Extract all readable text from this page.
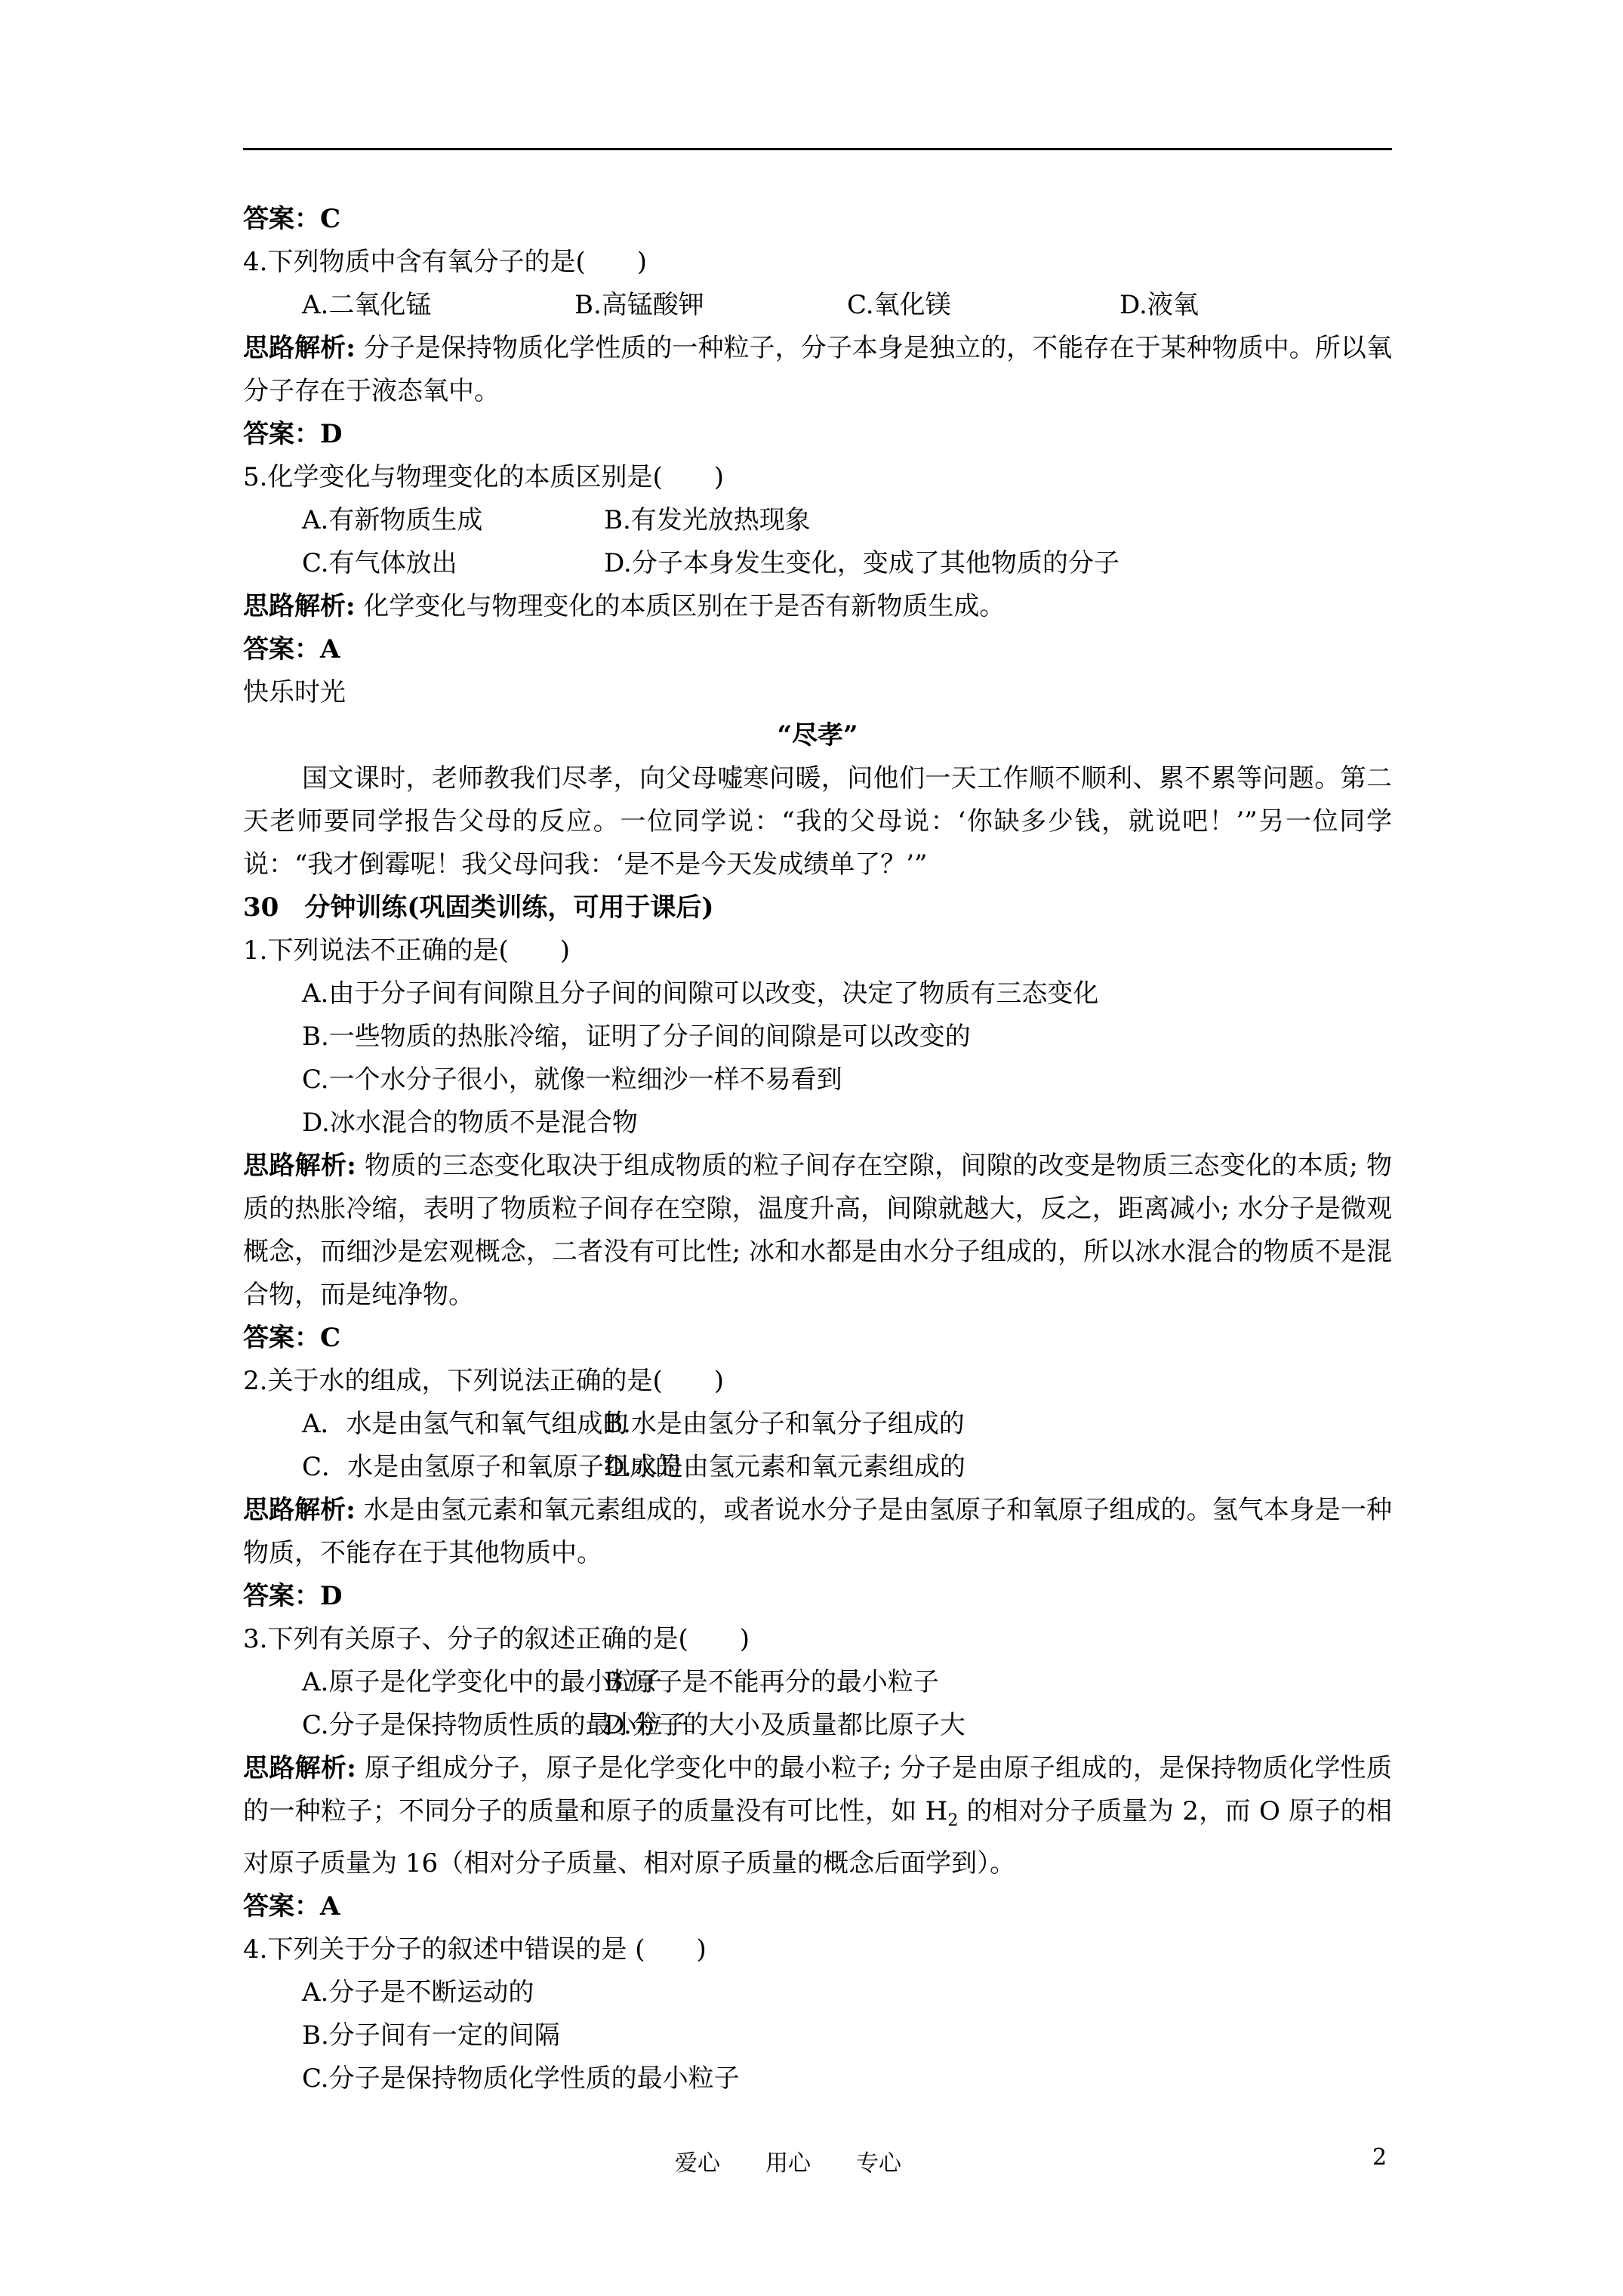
答案：C
4.下列物质中含有氧分子的是(　　)
A.二氧化锰	B.高锰酸钾	C.氧化镁	D.液氧
思路解析: 分子是保持物质化学性质的一种粒子，分子本身是独立的，不能存在于某种物质中。所以氧分子存在于液态氧中。
答案：D
5.化学变化与物理变化的本质区别是(　　)
A.有新物质生成	B.有发光放热现象
C.有气体放出	D.分子本身发生变化，变成了其他物质的分子
思路解析: 化学变化与物理变化的本质区别在于是否有新物质生成。
答案：A
快乐时光
“尽孝”
国文课时，老师教我们尽孝，向父母嘘寒问暖，问他们一天工作顺不顺利、累不累等问题。第二天老师要同学报告父母的反应。一位同学说：“我的父母说：‘你缺多少钱，就说吧！’”另一位同学说：“我才倒霉呢！我父母问我：‘是不是今天发成绩单了？’”
30　分钟训练(巩固类训练，可用于课后)
1.下列说法不正确的是(　　)
A.由于分子间有间隙且分子间的间隙可以改变，决定了物质有三态变化
B.一些物质的热胀冷缩，证明了分子间的间隙是可以改变的
C.一个水分子很小，就像一粒细沙一样不易看到
D.冰水混合的物质不是混合物
思路解析: 物质的三态变化取决于组成物质的粒子间存在空隙，间隙的改变是物质三态变化的本质; 物质的热胀冷缩，表明了物质粒子间存在空隙，温度升高，间隙就越大，反之，距离减小; 水分子是微观概念，而细沙是宏观概念，二者没有可比性; 冰和水都是由水分子组成的，所以冰水混合的物质不是混合物，而是纯净物。
答案：C
2.关于水的组成，下列说法正确的是(　　)
A．水是由氢气和氧气组成的
B.水是由氢分子和氧分子组成的
C．水是由氢原子和氧原子组成的
D.水是由氢元素和氧元素组成的
思路解析: 水是由氢元素和氧元素组成的，或者说水分子是由氢原子和氧原子组成的。氢气本身是一种物质，不能存在于其他物质中。
答案：D
3.下列有关原子、分子的叙述正确的是(　　)
A.原子是化学变化中的最小粒子
B.原子是不能再分的最小粒子
C.分子是保持物质性质的最小粒子
D.分子的大小及质量都比原子大
思路解析: 原子组成分子，原子是化学变化中的最小粒子; 分子是由原子组成的，是保持物质化学性质的一种粒子；不同分子的质量和原子的质量没有可比性，如 $H_2$ 的相对分子质量为 2，而 O 原子的相对原子质量为 16（相对分子质量、相对原子质量的概念后面学到）。
答案：A
4.下列关于分子的叙述中错误的是 (　　)
A.分子是不断运动的
B.分子间有一定的间隔
C.分子是保持物质化学性质的最小粒子
爱心　　用心　　专心	2
